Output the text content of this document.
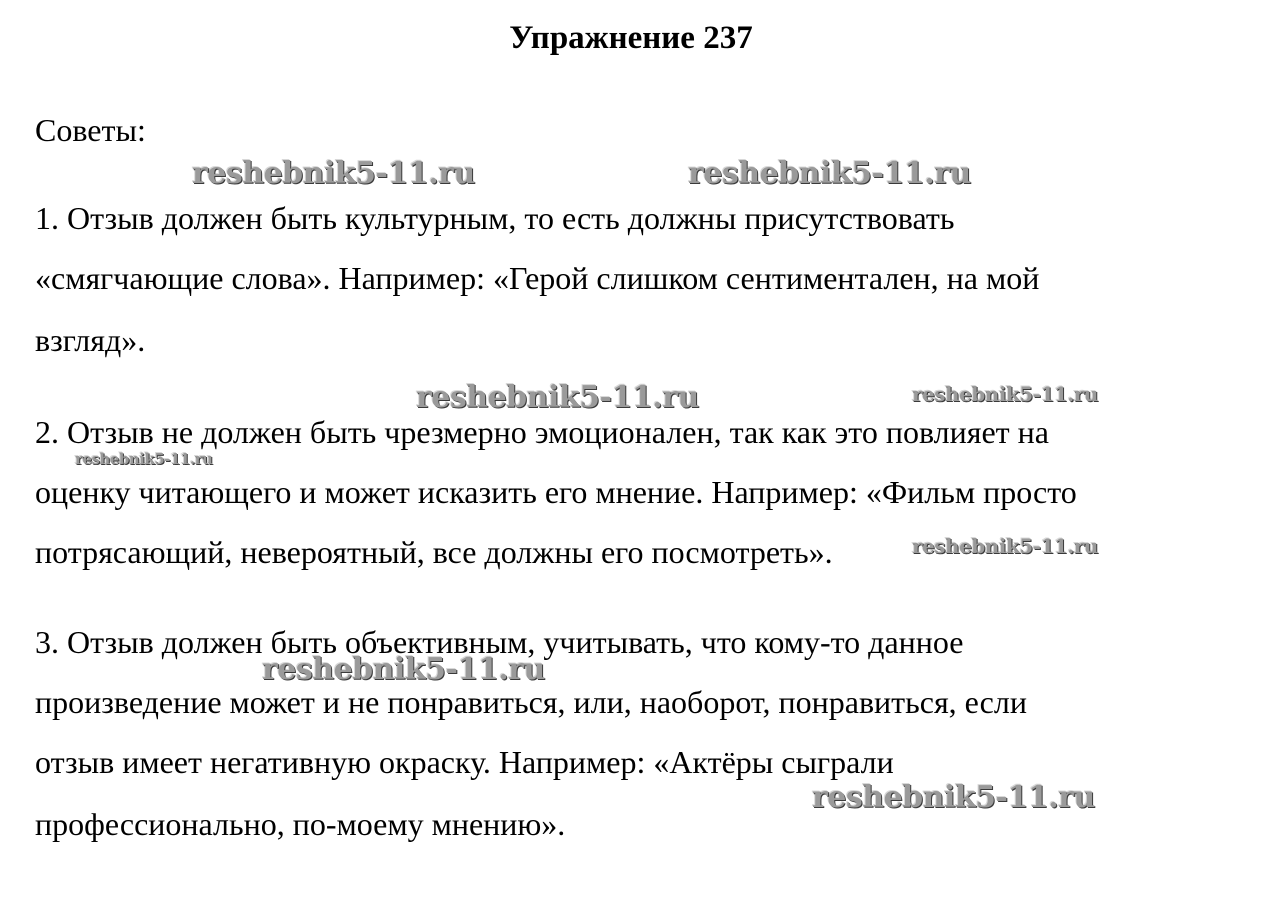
Упражнение 237
Советы:
1. Отзыв должен быть культурным, то есть должны присутствовать
«смягчающие слова». Например: «Герой слишком сентиментален, на мой
взгляд».
2. Отзыв не должен быть чрезмерно эмоционален, так как это повлияет на
оценку читающего и может исказить его мнение. Например: «Фильм просто
потрясающий, невероятный, все должны его посмотреть».
3. Отзыв должен быть объективным, учитывать, что кому-то данное
произведение может и не понравиться, или, наоборот, понравиться, если
отзыв имеет негативную окраску. Например: «Актёры сыграли
профессионально, по-моему мнению».
reshebnik5-11.ru	reshebnik5-11.ru
reshebnik5-11.ru	reshebnik5-11.ru
reshebnik5-11.ru
reshebnik5-11.ru
reshebnik5-11.ru
reshebnik5-11.ru
